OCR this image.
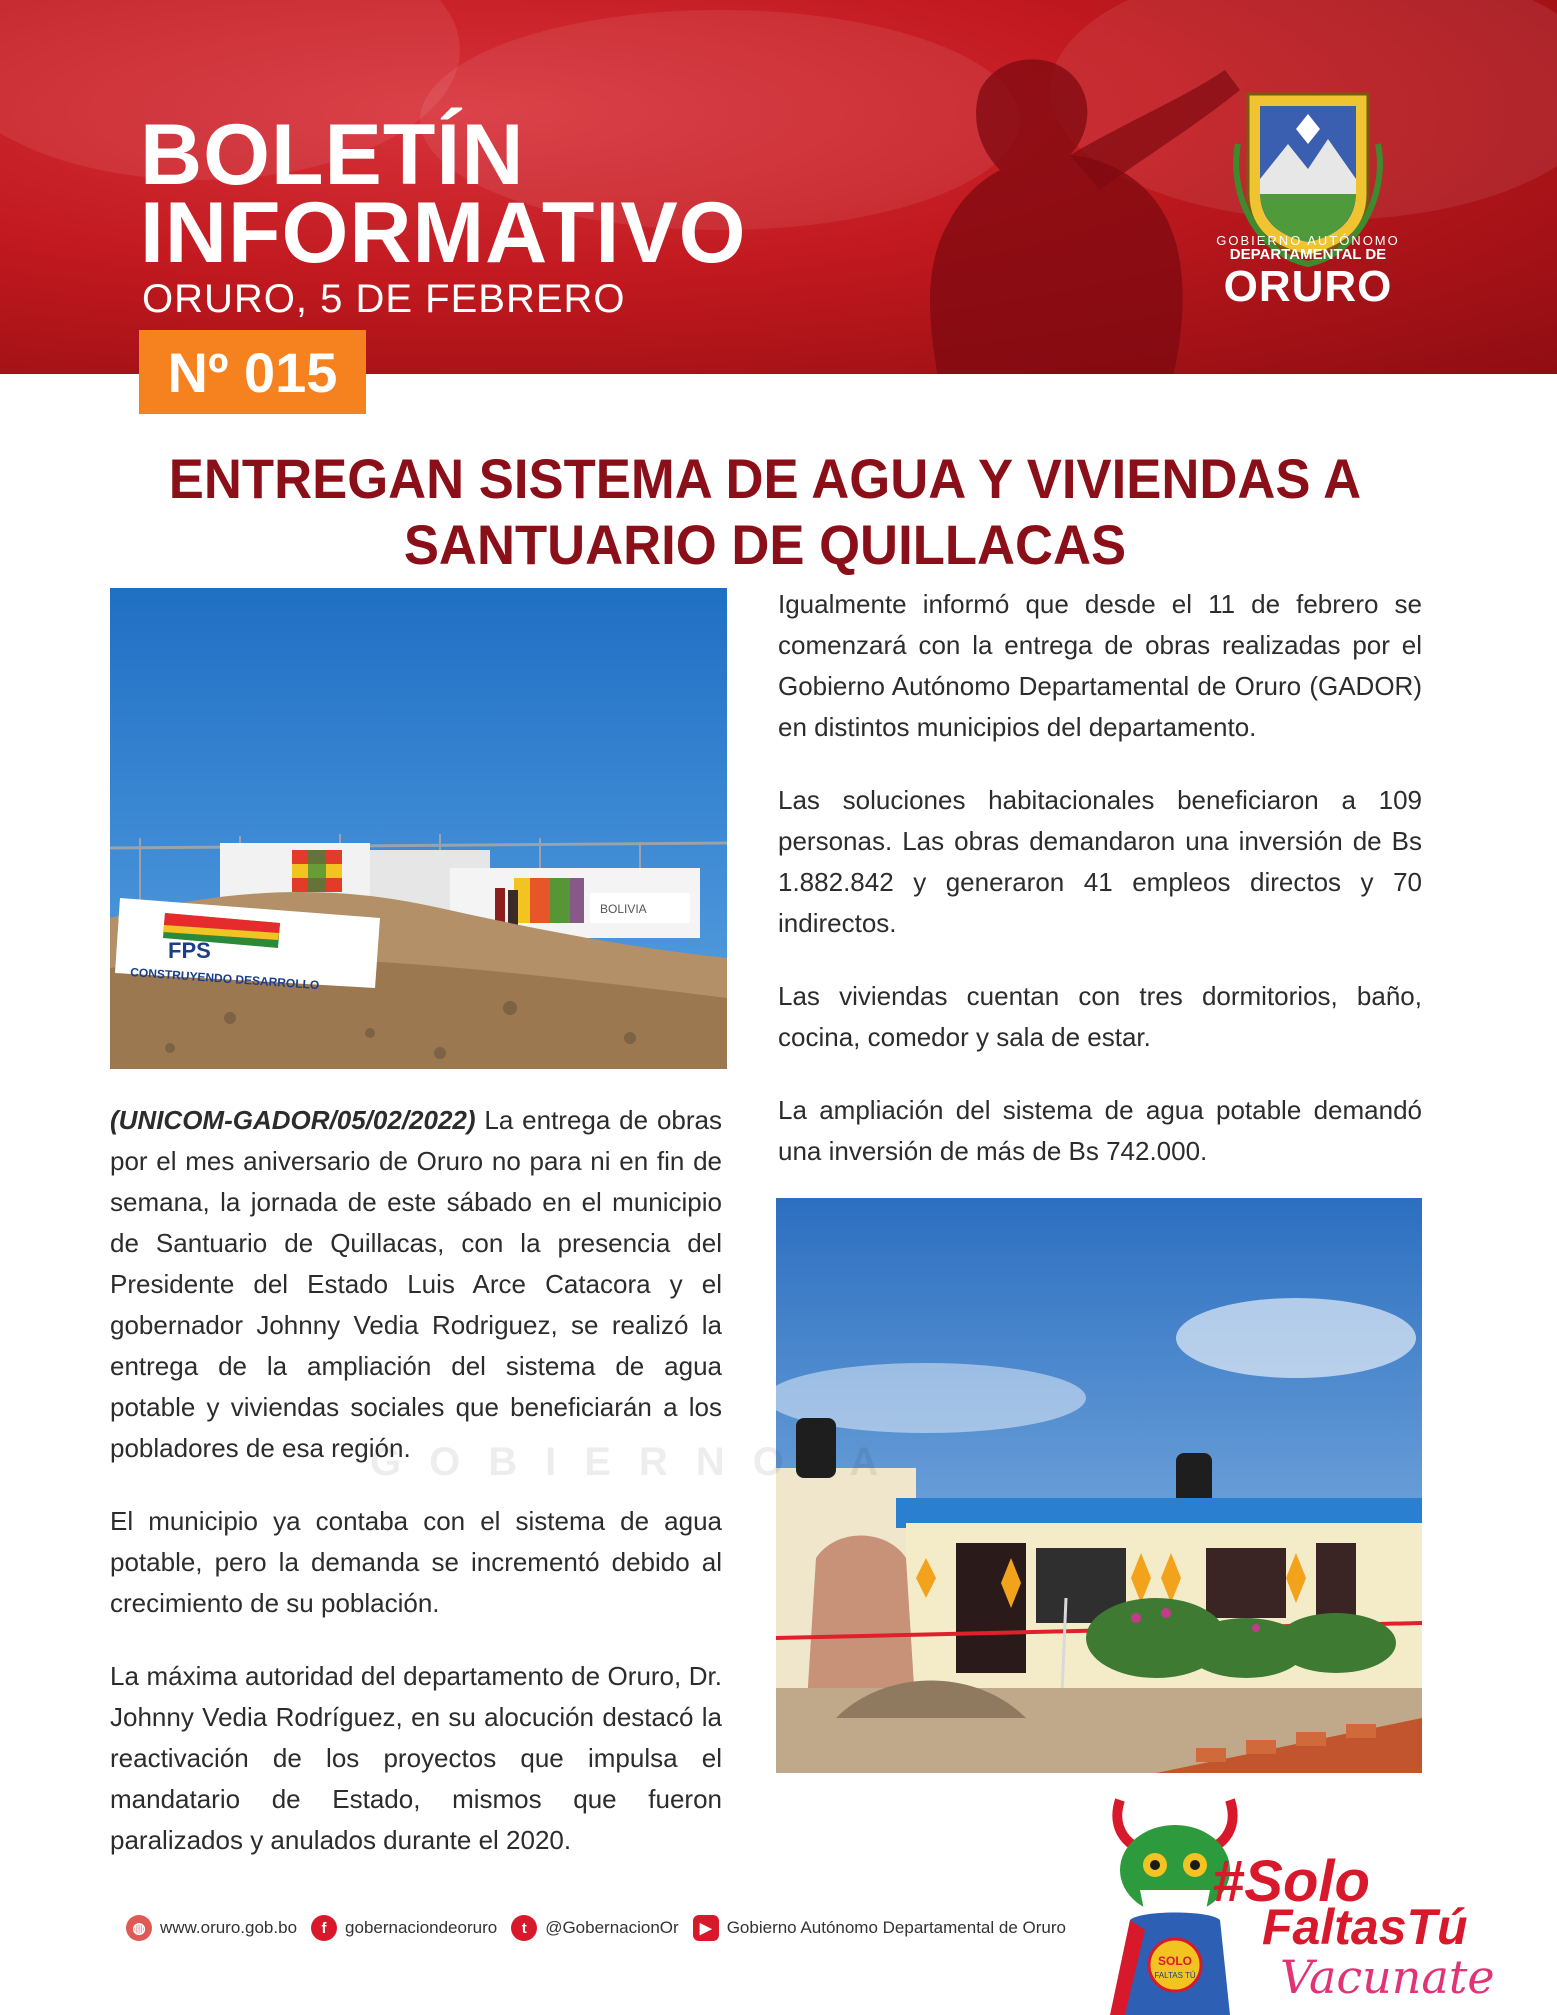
BOLETÍN
INFORMATIVO
ORURO, 5 DE FEBRERO
GOBIERNO AUTÓNOMO
DEPARTAMENTAL DE
ORURO
Nº 015
ENTREGAN SISTEMA DE AGUA Y VIVIENDAS A
SANTUARIO DE QUILLACAS
BOLIVIA
FPS
CONSTRUYENDO DESARROLLO

Igualmente informó que desde el 11 de febrero se comenzará con la entrega de obras realizadas por el Gobierno Autónomo Departamental de Oruro (GADOR) en distintos municipios del departamento.

Las soluciones habitacionales beneficiaron a 109 personas. Las obras demandaron una inversión de Bs 1.882.842 y generaron 41 empleos directos y 70 indirectos.

Las viviendas cuentan con tres dormitorios, baño, cocina, comedor y sala de estar.

La ampliación del sistema de agua potable demandó una inversión de más de Bs 742.000.

(UNICOM-GADOR/05/02/2022) La entrega de obras por el mes aniversario de Oruro no para ni en fin de semana, la jornada de este sábado en el municipio de Santuario de Quillacas, con la presencia del Presidente del Estado Luis Arce Catacora y el gobernador Johnny Vedia Rodriguez, se realizó la entrega de la ampliación del sistema de agua potable y viviendas sociales que beneficiarán a los pobladores de esa región.

El municipio ya contaba con el sistema de agua potable, pero la demanda se incrementó debido al crecimiento de su población.

La máxima autoridad del departamento de Oruro, Dr. Johnny Vedia Rodríguez, en su alocución destacó la reactivación de los proyectos que impulsa el mandatario de Estado, mismos que fueron paralizados y anulados durante el 2020.

GOBIERNO A
◍ www.oruro.gob.bo	f	gobernaciondeoruro	t	@GobernacionOr	▶ Gobierno Autónomo Departamental de Oruro
SOLO
FALTAS TÚ
#Solo
FaltasTú
Vacunate
